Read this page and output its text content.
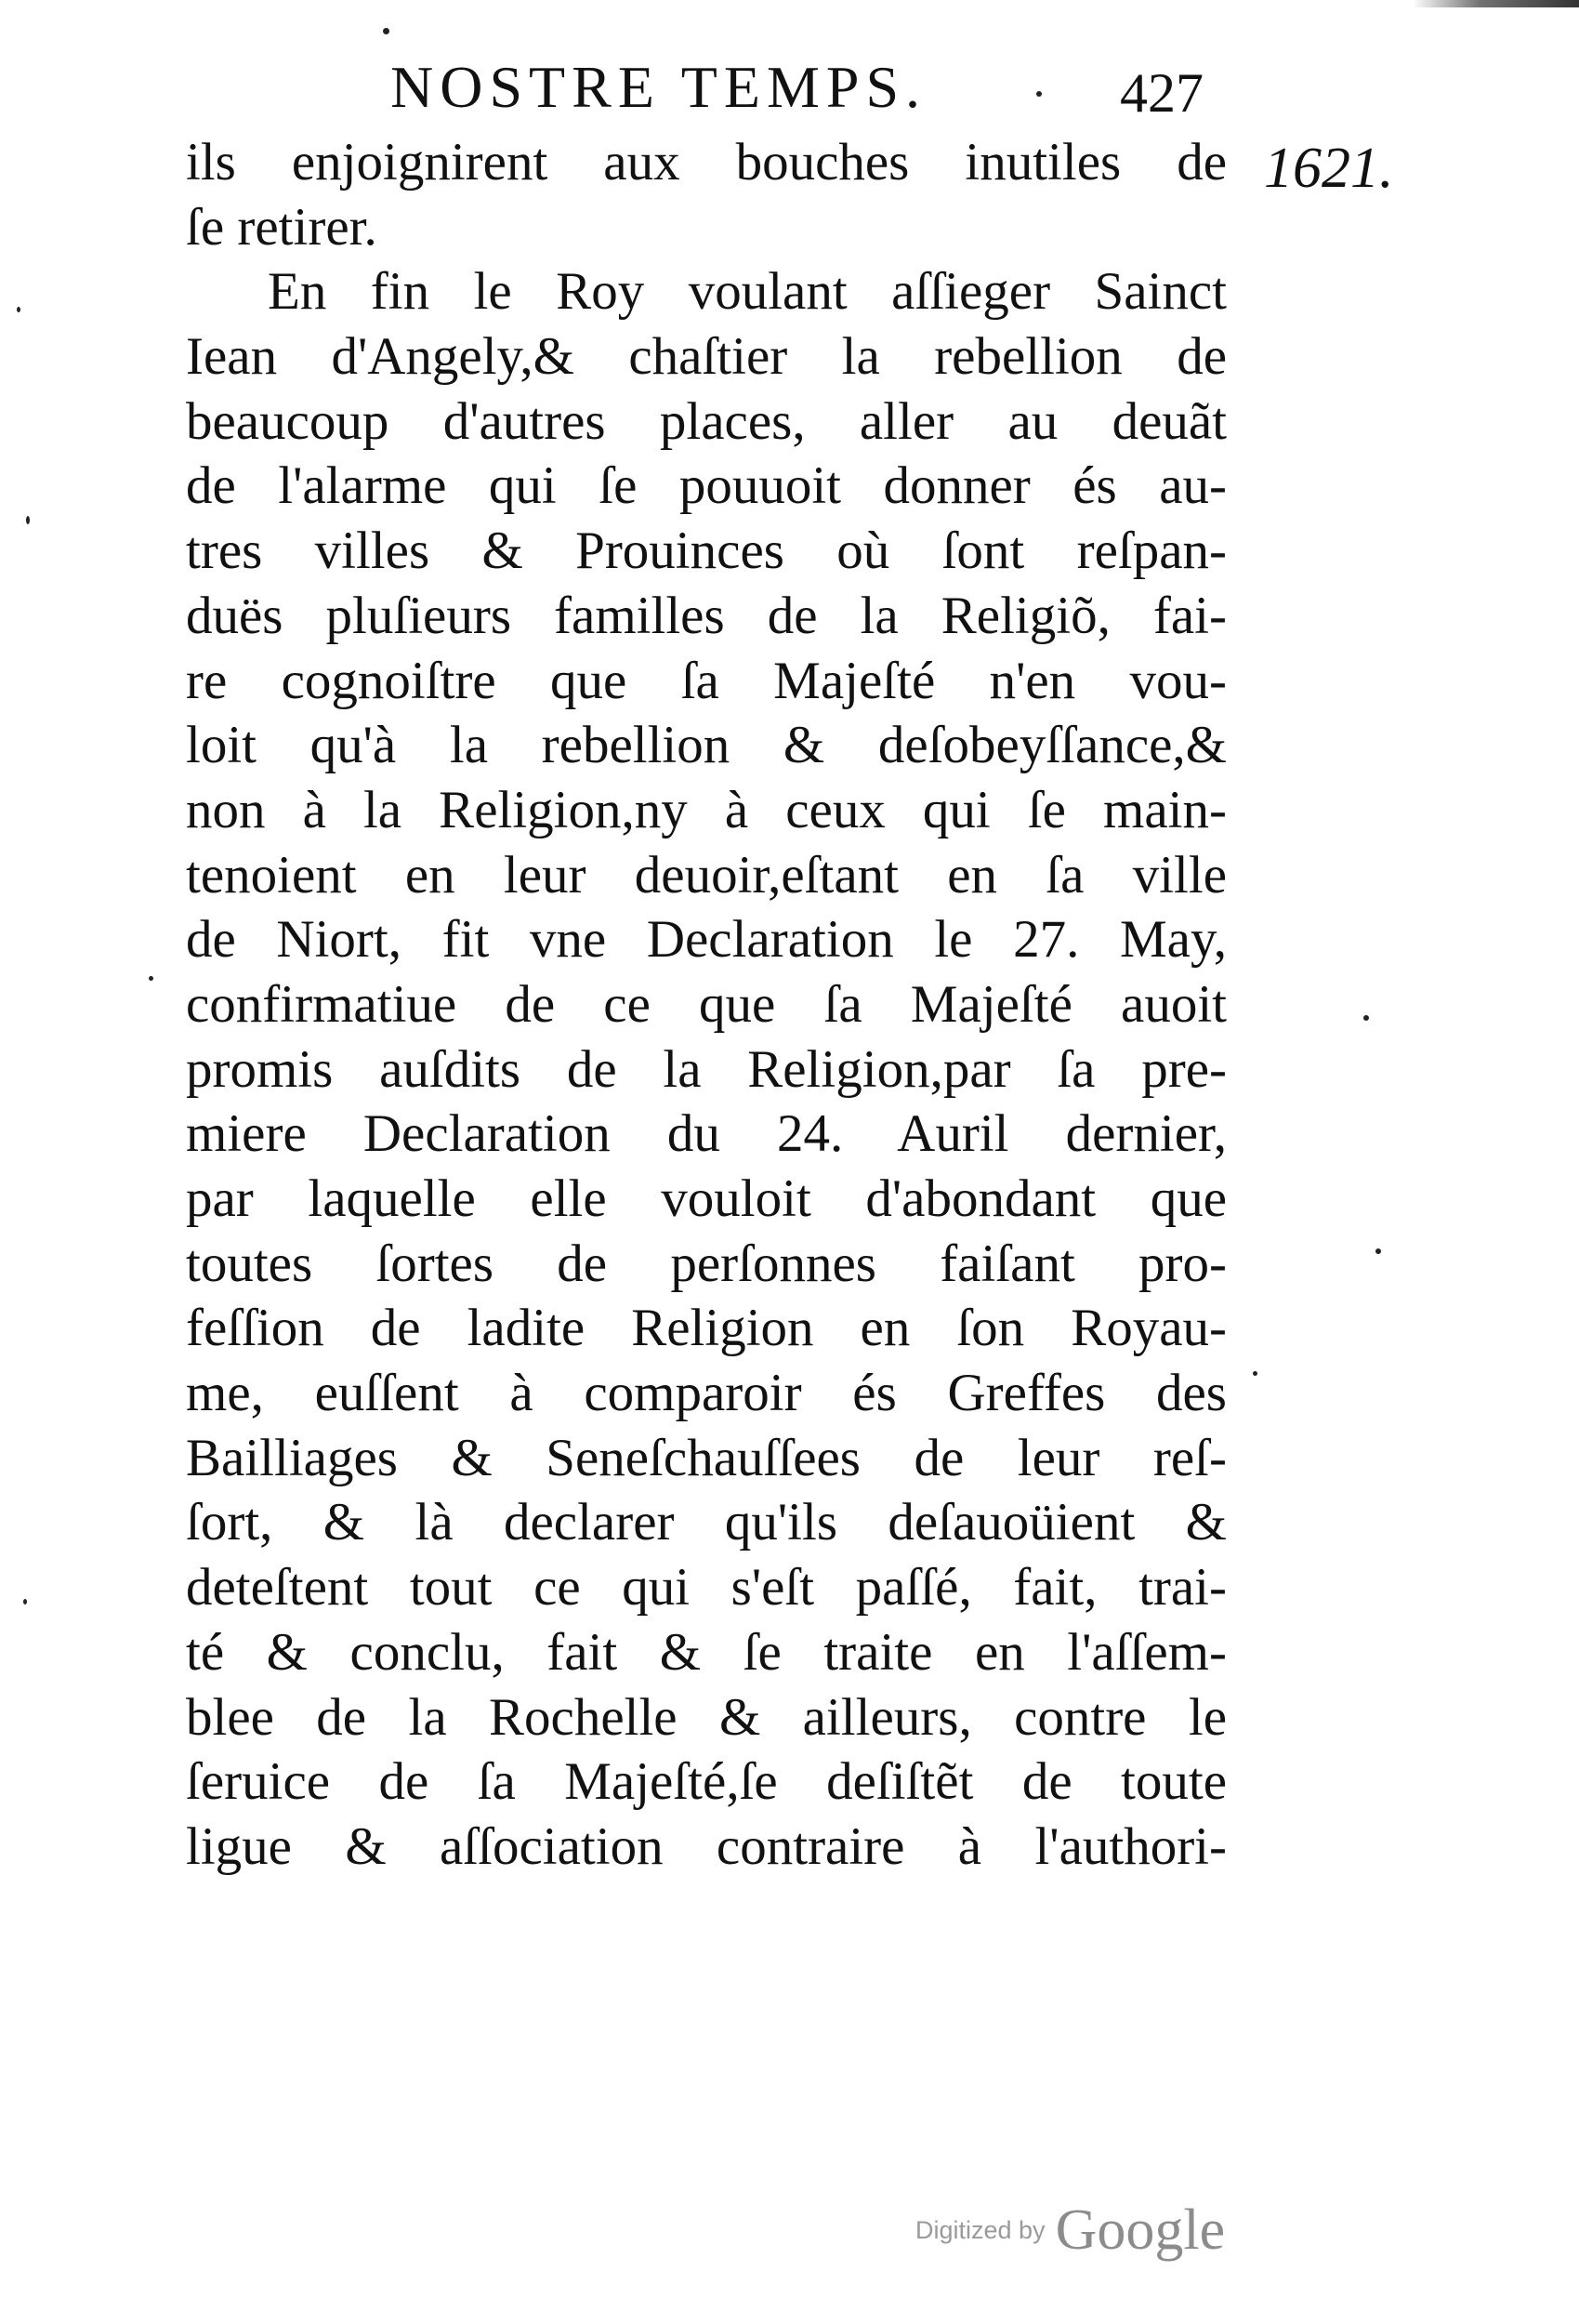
NOSTRE TEMPS.	427
1621.
ils enjoignirent aux bouches inutiles de
ſe retirer.
En fin le Roy voulant aſſieger Sainct
Iean d'Angely,& chaſtier la rebellion de
beaucoup d'autres places, aller au deuãt
de l'alarme qui ſe pouuoit donner és au-
tres villes & Prouinces où ſont reſpan-
duës pluſieurs familles de la Religiõ, fai-
re cognoiſtre que ſa Majeſté n'en vou-
loit qu'à la rebellion & deſobeyſſance,&
non à la Religion,ny à ceux qui ſe main-
tenoient en leur deuoir,eſtant en ſa ville
de Niort, fit vne Declaration le 27. May,
confirmatiue de ce que ſa Majeſté auoit
promis auſdits de la Religion,par ſa pre-
miere Declaration du 24. Auril dernier,
par laquelle elle vouloit d'abondant que
toutes ſortes de perſonnes faiſant pro-
feſſion de ladite Religion en ſon Royau-
me, euſſent à comparoir és Greffes des
Bailliages & Seneſchauſſees de leur reſ-
ſort, & là declarer qu'ils deſauoüient &
deteſtent tout ce qui s'eſt paſſé, fait, trai-
té & conclu, fait & ſe traite en l'aſſem-
blee de la Rochelle & ailleurs, contre le
ſeruice de ſa Majeſté,ſe deſiſtẽt de toute
ligue & aſſociation contraire à l'authori-
Digitized by Google
